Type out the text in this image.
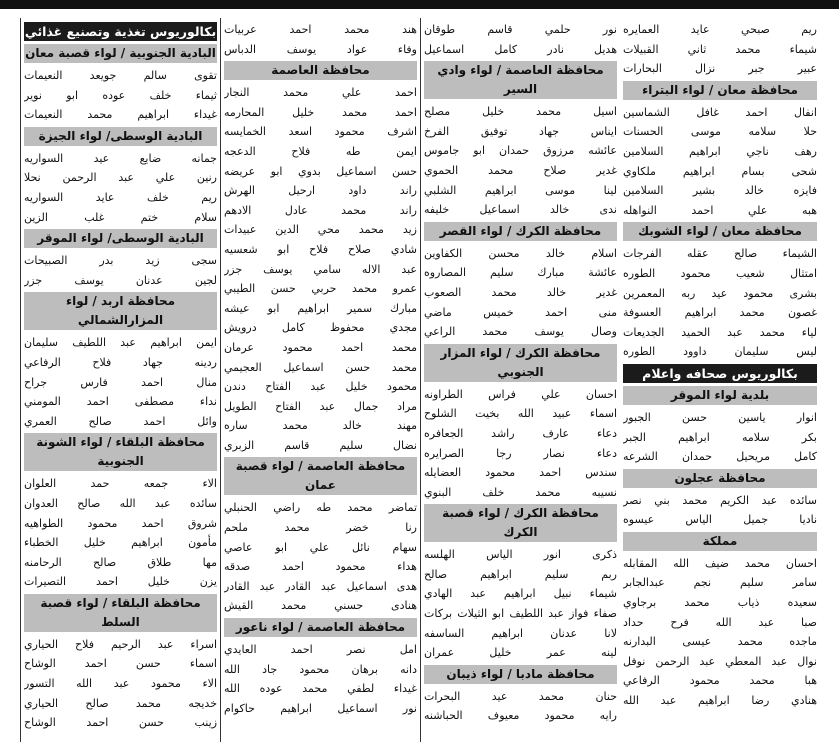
بكالوريوس تغذية وتصنيع غذائي
البادية الجنوبية / لواء قصبة معان
تقوى سالم جويعد النعيمات
ثيماء خلف عوده ابو نوير
غيداء ابراهيم محمد النعيمات
البادية الوسطى/ لواء الجيزة
جمانه ضايع عيد السواريه
رنين علي عبد الرحمن نحلا
ريم خلف عايد السواريه
سلام ختم غلب الزين
البادية الوسطى/ لواء الموقر
سجى زيد بدر الصبيحات
لجين عدنان يوسف جزر
محافظة اربد / لواء المزارالشمالي
ايمن ابراهيم عبد اللطيف سليمان
ردينه جهاد فلاح الرفاعي
منال احمد فارس جراح
نداء مصطفى احمد المومني
وائل احمد صالح العمري
محافظة البلقاء / لواء الشونة الجنوبية
الاء جمعه حمد العلوان
سائده عبد الله صالح العدوان
شروق احمد محمود الطواهيه
مأمون ابراهيم خليل الخطباء
مها طلاق صالح الرحامنه
يزن خليل احمد التصيرات
محافظة البلقاء / لواء قصبة السلط
اسراء عبد الرحيم فلاح الحياري
اسماء حسن احمد الوشاح
الاء محمود عبد الله التسور
خديجه محمد صالح الحياري
زينب حسن احمد الوشاح
هند محمد احمد عربيات
وفاء عواد يوسف الدباس
محافظة العاصمة
احمد علي محمد النجار
احمد محمد خليل المحارمه
اشرف محمود اسعد الخمايسه
ايمن طه فلاح الدعجه
حسن اسماعيل بدوي ابو عريضه
راند داود ارحيل الهرش
راند محمد عادل الادهم
زيد محمد محي الدين عبيدات
شادي صلاح فلاح ابو شعسيه
عبد الاله سامي يوسف جزر
عمرو محمد حربي حسن الطيبي
مبارك سمير ابراهيم ابو عيشه
مجدي محفوظ كامل درويش
محمد احمد محمود عرمان
محمد حسن اسماعيل العجيمي
محمود خليل عبد الفتاح دندن
مراد جمال عبد الفتاح الطويل
مهند خالد محمد ساره
نضال سليم قاسم الزبري
محافظة العاصمة / لواء قصبة عمان
تماضر محمد طه راضي الحنبلي
رنا خضر محمد ملحم
سهام نائل علي ابو عاصي
هداء محمود احمد صدقه
هدى اسماعيل عبد القادر عبد القادر
هنادى حسني محمد القيش
محافظة العاصمة / لواء ناعور
امل نصر احمد العايدي
دانه برهان محمود جاد الله
غيداء لطفي محمد عوده الله
نور اسماعيل ابراهيم حاكوام
نور حلمي قاسم طوقان
هديل نادر كامل اسماعيل
محافظة العاصمة / لواء وادي السير
اسيل محمد خليل مصلح
ايناس جهاد توفيق الفرخ
عائشه مرزوق حمدان ابو جاموس
غدير صلاح محمد الحموي
لينا موسى ابراهيم الشلبي
ندى خالد اسماعيل خليفه
محافظة الكرك / لواء القصر
اسلام خالد محسن الكفاوين
عائشة مبارك سليم المصاروه
غدير خالد محمد الصعوب
منى احمد خميس ماضي
وصال يوسف محمد الراعي
محافظة الكرك / لواء المزار الجنوبي
احسان علي فراس الطراونه
اسماء عبيد الله بخيت الشلوح
دعاء عارف راشد الجعافره
دعاء نصار رجا الصرايره
سندس احمد محمود العضايله
نسيبه محمد خلف البنوي
محافظة الكرك / لواء قصبة الكرك
ذكرى انور الياس الهلسه
ربم سليم ابراهيم صالح
شيماء نبيل ابراهيم عبد الهادي
صفاء فواز عبد اللطيف ابو الثيلات بركات
لانا عدنان ابراهيم الساسفه
لينه عمر خليل عمران
محافظة مادبا / لواء ذيبان
حنان محمد عيد البحرات
رايه محمود معيوف الحباشنه
ريم صبحي عايد العمايره
شيماء محمد ثاني القبيلات
عبير جبر نزال البحارات
محافظة معان / لواء البتراء
انفال احمد غافل الشماسين
حلا سلامه موسى الحسنات
رهف ناجي ابراهيم السلامين
شحى بسام ابراهيم ملكاوي
فايزه خالد بشير السلامين
هبه علي احمد النواهله
محافظة معان / لواء الشوبك
الشيماء صالح عقله الفرجات
امتثال شعيب محمود الطوره
بشرى محمود عيد ربه المعمرين
غصون محمد ابراهيم العسوفة
لياء محمد عبد الحميد الجديعات
ليس سليمان داوود الطوره
بكالوريوس صحافه واعلام
بلدية لواء الموقر
انوار ياسين حسن الجبور
بكر سلامه ابراهيم الجبر
كامل مريحيل حمدان الشرعه
محافظة عجلون
سائده عبد الكريم محمد بني نصر
ناديا جميل الياس عيسوه
مملكة
احسان محمد ضيف الله المقابله
سامر سليم نجم عبدالجابر
سعيده ذياب محمد برجاوي
صبا عبد الله فرح حداد
ماجده محمد عيسى البدارنه
نوال عبد المعطي عبد الرحمن نوفل
هبا محمد محمود الرفاعي
هنادي رضا ابراهيم عبد الله
